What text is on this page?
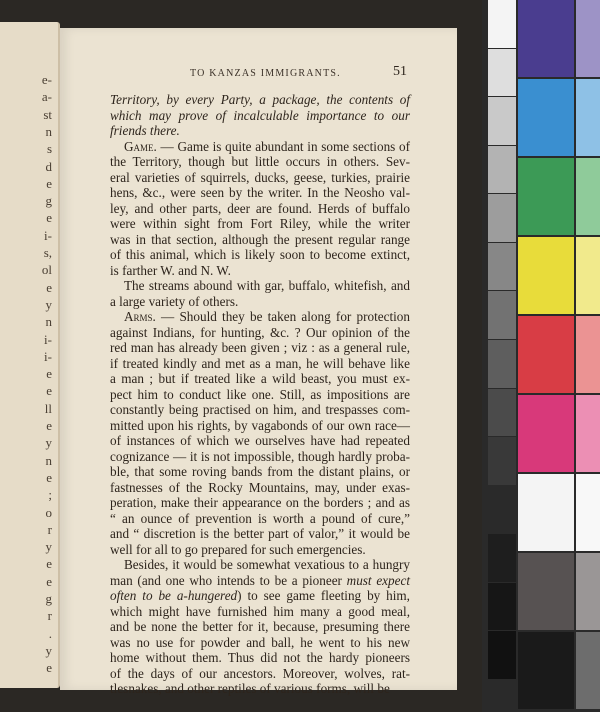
e-
a-
st
n
s
d
e
g
e
i-
s,
ol
e
y
n
i-
i-
e
e
ll
e
y
n
e
;
o
r
y
e
e
g
r
.
y
e
TO KANZAS IMMIGRANTS.	51
Territory, by every Party, a package, the contents of
which may prove of incalculable importance to our
friends there.
Game. — Game is quite abundant in some sections of
the Territory, though but little occurs in others. Sev-
eral varieties of squirrels, ducks, geese, turkies, prairie
hens, &c., were seen by the writer. In the Neosho val-
ley, and other parts, deer are found. Herds of buffalo
were within sight from Fort Riley, while the writer
was in that section, although the present regular range
of this animal, which is likely soon to become extinct,
is farther W. and N. W.
The streams abound with gar, buffalo, whitefish, and
a large variety of others.
Arms. — Should they be taken along for protection
against Indians, for hunting, &c. ? Our opinion of the
red man has already been given ; viz : as a general rule,
if treated kindly and met as a man, he will behave like
a man ; but if treated like a wild beast, you must ex-
pect him to conduct like one. Still, as impositions are
constantly being practised on him, and trespasses com-
mitted upon his rights, by vagabonds of our own race—
of instances of which we ourselves have had repeated
cognizance — it is not impossible, though hardly proba-
ble, that some roving bands from the distant plains, or
fastnesses of the Rocky Mountains, may, under exas-
peration, make their appearance on the borders ; and as
“ an ounce of prevention is worth a pound of cure,”
and “ discretion is the better part of valor,” it would be
well for all to go prepared for such emergencies.
Besides, it would be somewhat vexatious to a hungry
man (and one who intends to be a pioneer must expect
often to be a-hungered) to see game fleeting by him,
which might have furnished him many a good meal,
and be none the better for it, because, presuming there
was no use for powder and ball, he went to his new
home without them. Thus did not the hardy pioneers
of the days of our ancestors. Moreover, wolves, rat-
tlesnakes, and other reptiles of various forms, will be
